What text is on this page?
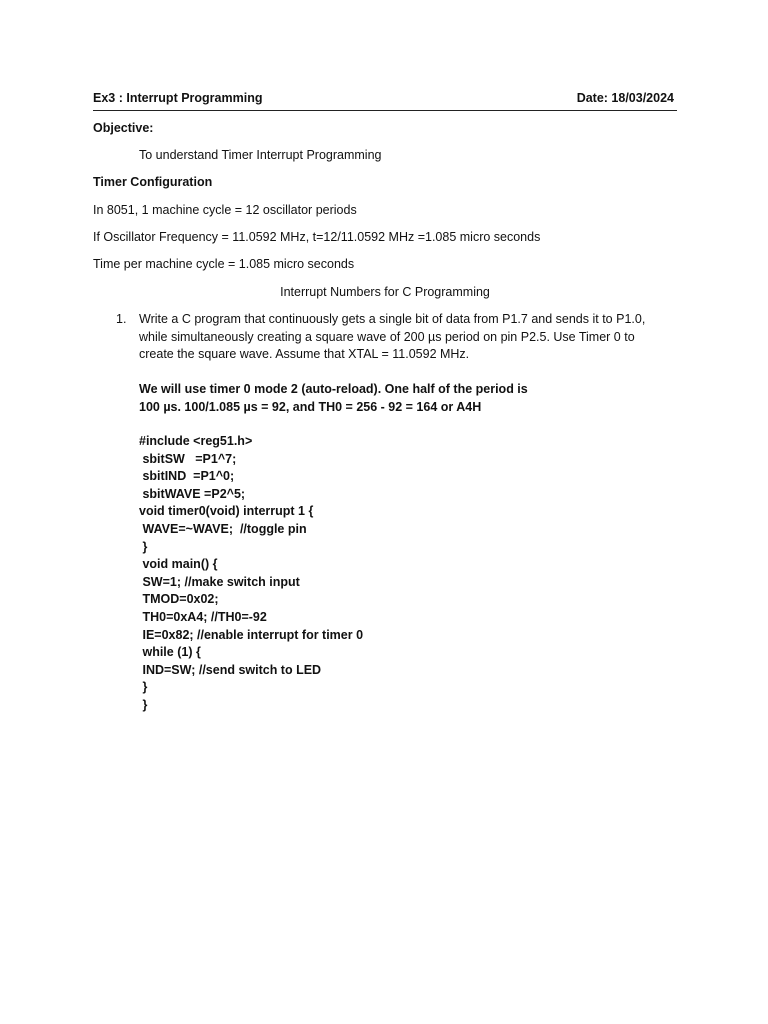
Ex3 : Interrupt Programming	Date: 18/03/2024
Objective:
To understand Timer Interrupt Programming
Timer Configuration
In 8051, 1 machine cycle = 12 oscillator periods
If Oscillator Frequency = 11.0592 MHz, t=12/11.0592 MHz =1.085 micro seconds
Time per machine cycle = 1.085 micro seconds
Interrupt Numbers for C Programming
1. Write a C program that continuously gets a single bit of data from P1.7 and sends it to P1.0,
while simultaneously creating a square wave of 200 µs period on pin P2.5. Use Timer 0 to
create the square wave. Assume that XTAL = 11.0592 MHz.
We will use timer 0 mode 2 (auto-reload). One half of the period is
100 µs. 100/1.085 µs = 92, and TH0 = 256 - 92 = 164 or A4H
#include <reg51.h>
sbitSW   =P1^7;
sbitIND  =P1^0;
sbitWAVE =P2^5;
void timer0(void) interrupt 1 {
WAVE=~WAVE;  //toggle pin
}
void main() {
SW=1; //make switch input
TMOD=0x02;
TH0=0xA4; //TH0=-92
IE=0x82; //enable interrupt for timer 0
while (1) {
IND=SW; //send switch to LED
}
}
